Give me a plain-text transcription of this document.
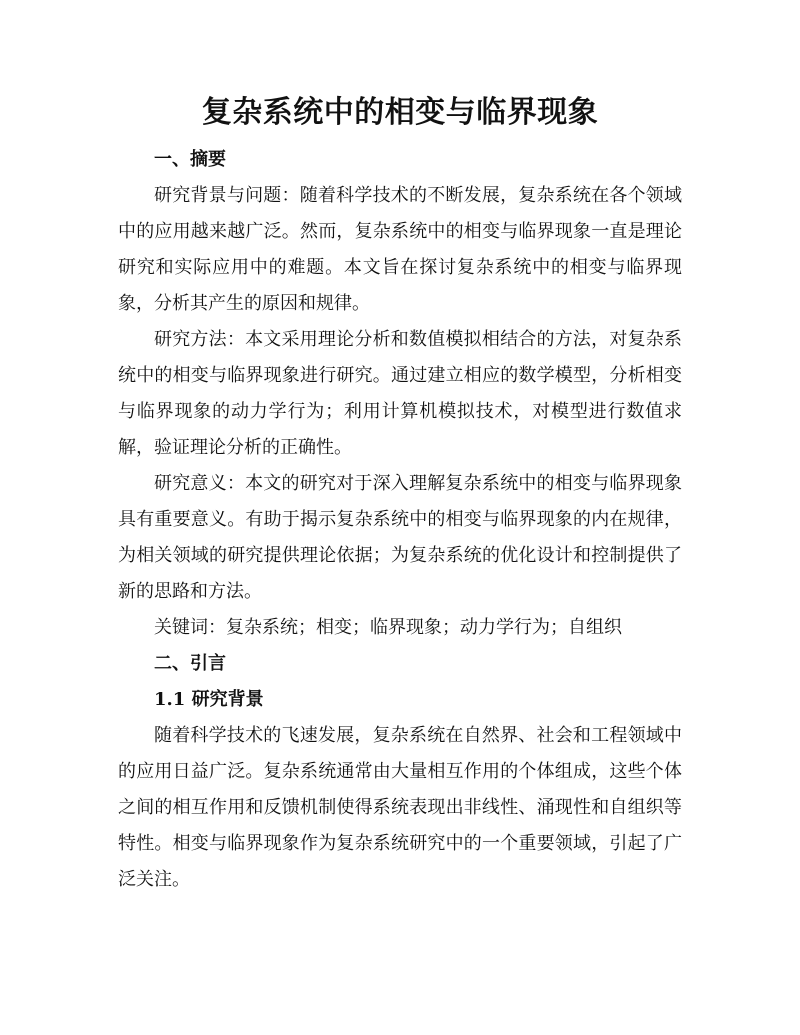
复杂系统中的相变与临界现象
一、摘要

研究背景与问题：随着科学技术的不断发展，复杂系统在各个领域中的应用越来越广泛。然而，复杂系统中的相变与临界现象一直是理论研究和实际应用中的难题。本文旨在探讨复杂系统中的相变与临界现象，分析其产生的原因和规律。

研究方法：本文采用理论分析和数值模拟相结合的方法，对复杂系统中的相变与临界现象进行研究。通过建立相应的数学模型，分析相变与临界现象的动力学行为；利用计算机模拟技术，对模型进行数值求解，验证理论分析的正确性。

研究意义：本文的研究对于深入理解复杂系统中的相变与临界现象具有重要意义。有助于揭示复杂系统中的相变与临界现象的内在规律，为相关领域的研究提供理论依据；为复杂系统的优化设计和控制提供了新的思路和方法。

关键词：复杂系统；相变；临界现象；动力学行为；自组织

二、引言
1.1 研究背景

随着科学技术的飞速发展，复杂系统在自然界、社会和工程领域中的应用日益广泛。复杂系统通常由大量相互作用的个体组成，这些个体之间的相互作用和反馈机制使得系统表现出非线性、涌现性和自组织等特性。相变与临界现象作为复杂系统研究中的一个重要领域，引起了广泛关注。
